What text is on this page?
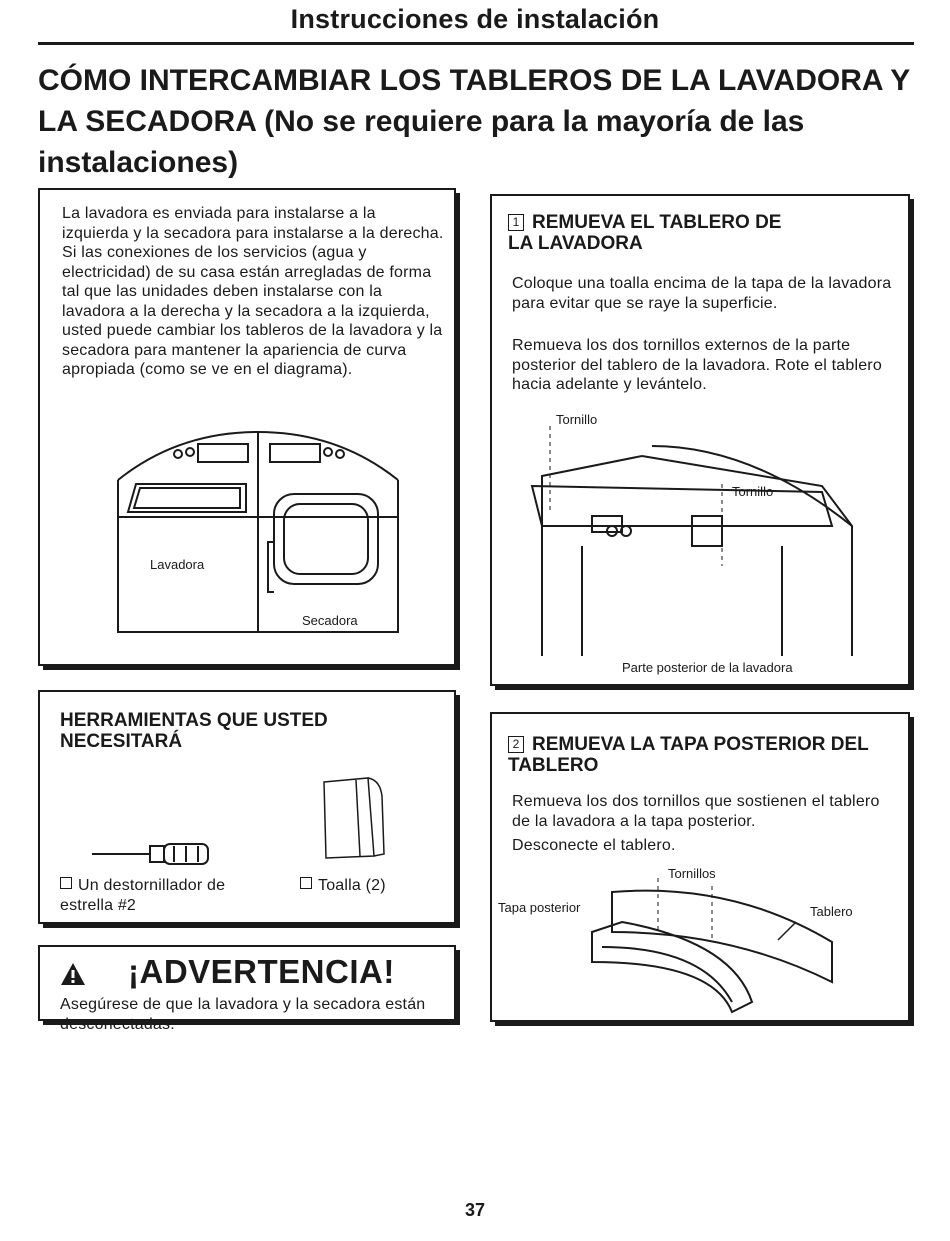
Instrucciones de instalación
CÓMO INTERCAMBIAR LOS TABLEROS DE LA LAVADORA Y LA SECADORA (No se requiere para la mayoría de las instalaciones)
La lavadora es enviada para instalarse a la izquierda y la secadora para instalarse a la derecha. Si las conexiones de los servicios (agua y electricidad) de su casa están arregladas de forma tal que las unidades deben instalarse con la lavadora a la derecha y la secadora a la izquierda, usted puede cambiar los tableros de la lavadora y la secadora para mantener la apariencia de curva apropiada (como se ve en el diagrama).
Lavadora
Secadora
HERRAMIENTAS QUE USTED NECESITARÁ
Un destornillador de estrella #2
Toalla (2)
¡ADVERTENCIA!
Asegúrese de que la lavadora y la secadora están desconectadas.
1 REMUEVA EL TABLERO DE LA LAVADORA
Coloque una toalla encima de la tapa de la lavadora para evitar que se raye la superficie.
Remueva los dos tornillos externos de la parte posterior del tablero de la lavadora. Rote el tablero hacia adelante y levántelo.
Tornillo
Tornillo
Parte posterior de la lavadora
2 REMUEVA LA TAPA POSTERIOR DEL TABLERO
Remueva los dos tornillos que sostienen el tablero de la lavadora a la tapa posterior.
Desconecte el tablero.
Tornillos
Tapa posterior	Tablero
37
